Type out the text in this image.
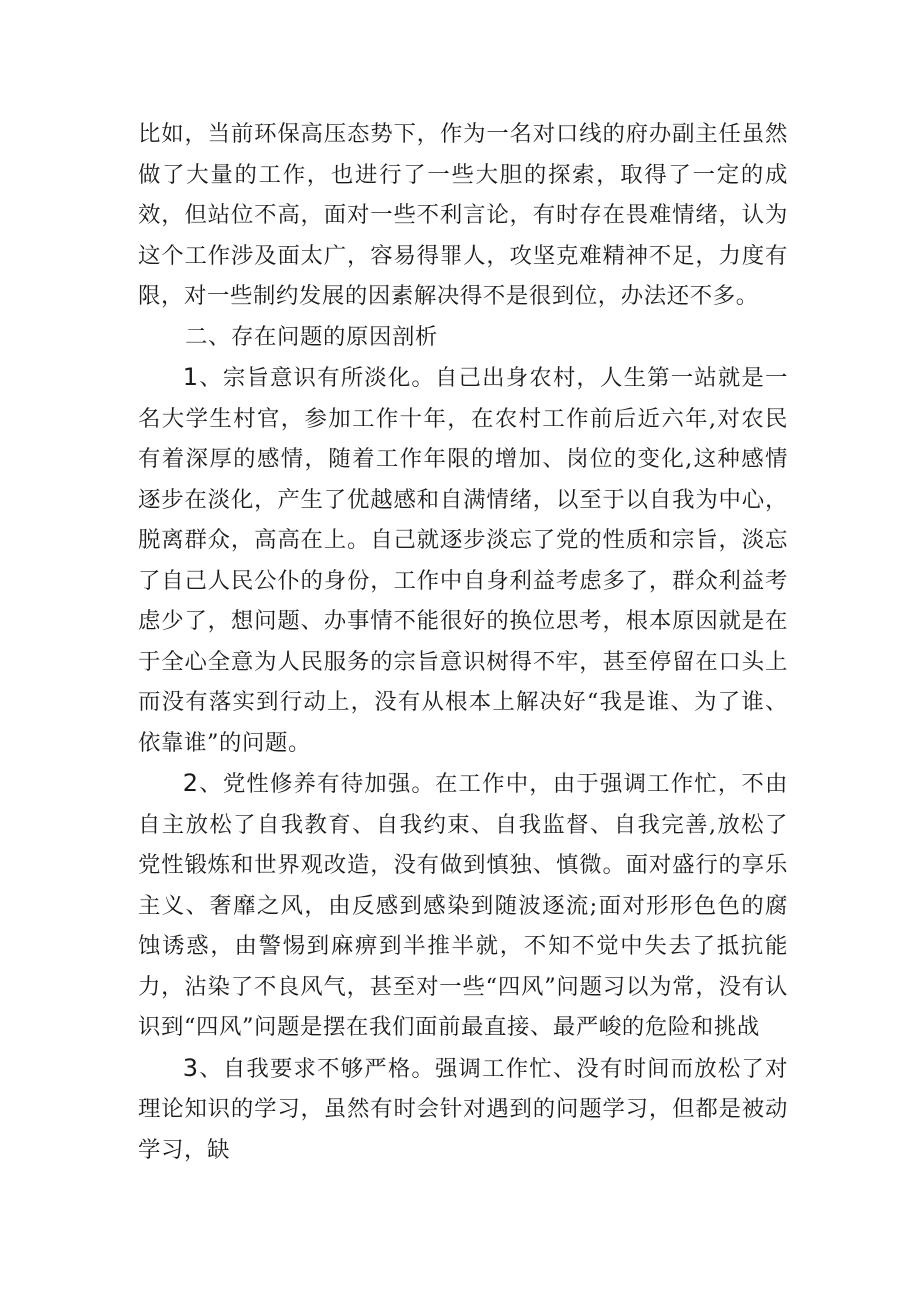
比如，当前环保高压态势下，作为一名对口线的府办副主任虽然做了大量的工作，也进行了一些大胆的探索，取得了一定的成效，但站位不高，面对一些不利言论，有时存在畏难情绪，认为这个工作涉及面太广，容易得罪人，攻坚克难精神不足，力度有限，对一些制约发展的因素解决得不是很到位，办法还不多。

二、存在问题的原因剖析

1、宗旨意识有所淡化。自己出身农村，人生第一站就是一名大学生村官，参加工作十年，在农村工作前后近六年,对农民有着深厚的感情，随着工作年限的增加、岗位的变化,这种感情逐步在淡化，产生了优越感和自满情绪，以至于以自我为中心，脱离群众，高高在上。自己就逐步淡忘了党的性质和宗旨，淡忘了自己人民公仆的身份，工作中自身利益考虑多了，群众利益考虑少了，想问题、办事情不能很好的换位思考，根本原因就是在于全心全意为人民服务的宗旨意识树得不牢，甚至停留在口头上而没有落实到行动上，没有从根本上解决好“我是谁、为了谁、依靠谁”的问题。

2、党性修养有待加强。在工作中，由于强调工作忙，不由自主放松了自我教育、自我约束、自我监督、自我完善,放松了党性锻炼和世界观改造，没有做到慎独、慎微。面对盛行的享乐主义、奢靡之风，由反感到感染到随波逐流;面对形形色色的腐蚀诱惑，由警惕到麻痹到半推半就，不知不觉中失去了抵抗能力，沾染了不良风气，甚至对一些“四风”问题习以为常，没有认识到“四风”问题是摆在我们面前最直接、最严峻的危险和挑战

3、自我要求不够严格。强调工作忙、没有时间而放松了对理论知识的学习，虽然有时会针对遇到的问题学习，但都是被动学习，缺
